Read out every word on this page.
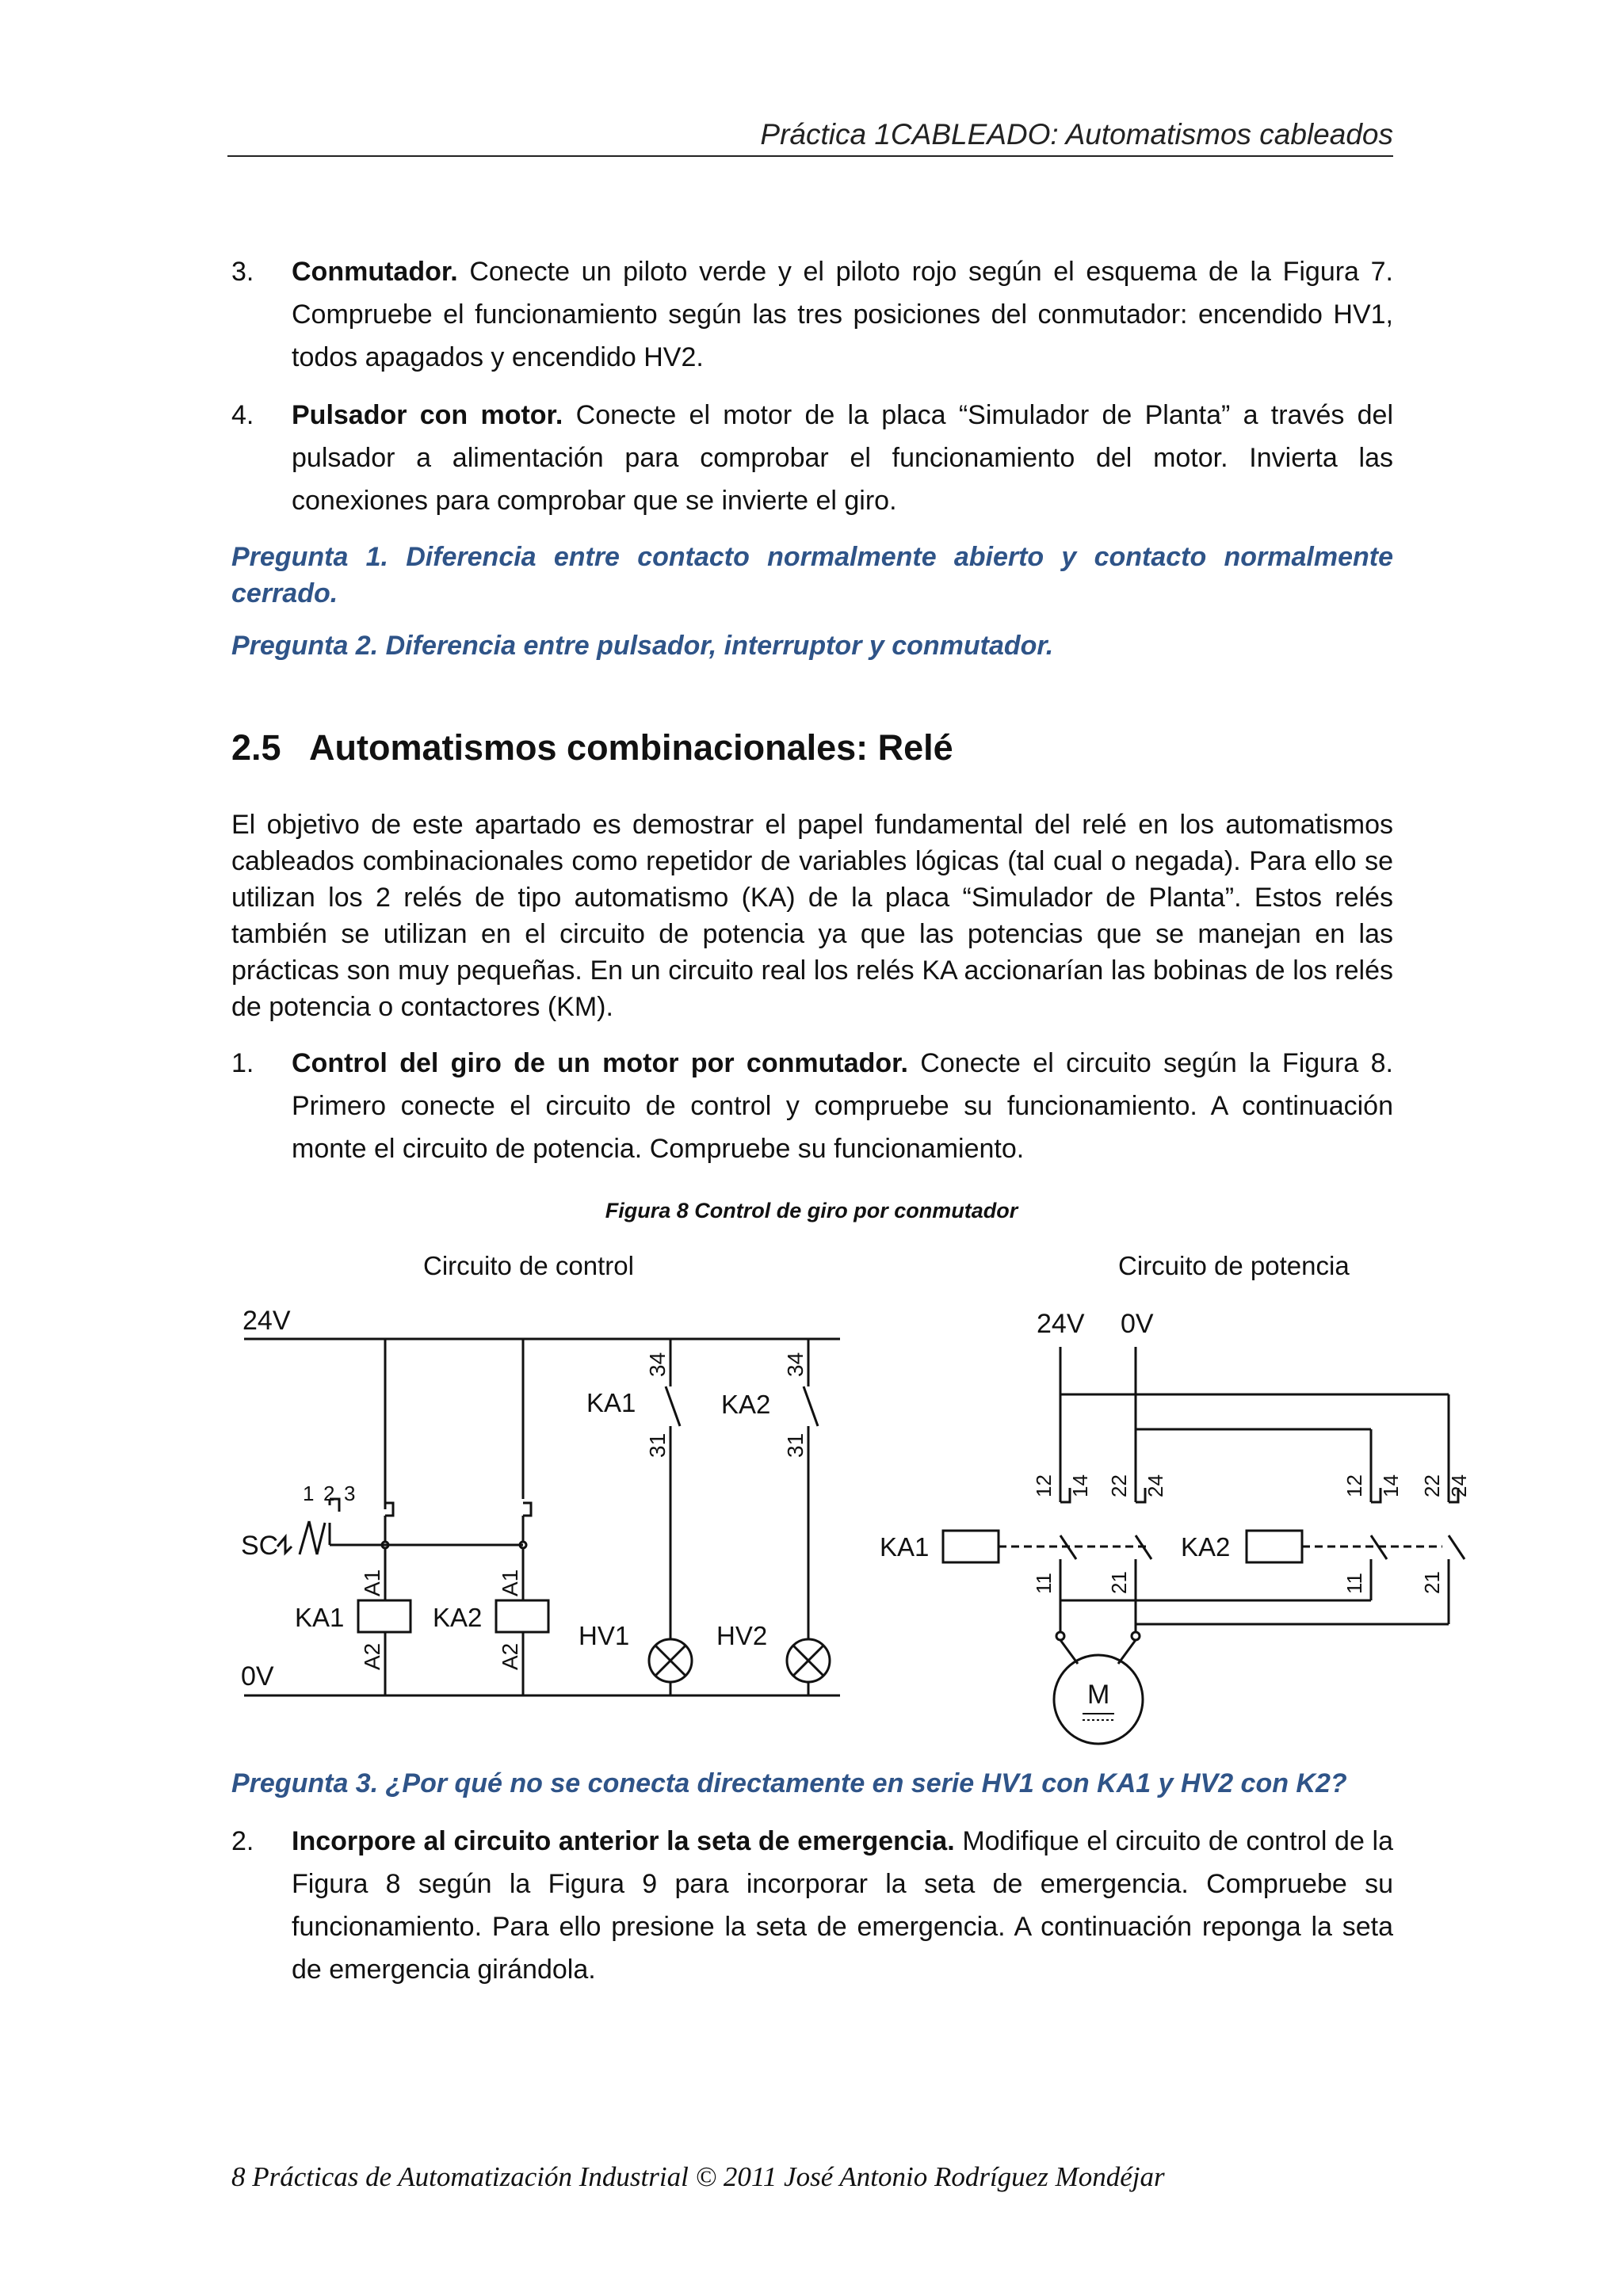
Práctica 1CABLEADO: Automatismos cableados
3.	Conmutador. Conecte un piloto verde y el piloto rojo según el esquema de la Figura 7. Compruebe el funcionamiento según las tres posiciones del conmutador: encendido HV1, todos apagados y encendido HV2.
4.	Pulsador con motor. Conecte el motor de la placa “Simulador de Planta” a través del pulsador a alimentación para comprobar el funcionamiento del motor. Invierta las conexiones para comprobar que se invierte el giro.
Pregunta 1. Diferencia entre contacto normalmente abierto y contacto normalmente cerrado.
Pregunta 2. Diferencia entre pulsador, interruptor y conmutador.
2.5 Automatismos combinacionales: Relé
El objetivo de este apartado es demostrar el papel fundamental del relé en los automatismos cableados combinacionales como repetidor de variables lógicas (tal cual o negada). Para ello se utilizan los 2 relés de tipo automatismo (KA) de la placa “Simulador de Planta”. Estos relés también se utilizan en el circuito de potencia ya que las potencias que se manejan en las prácticas son muy pequeñas. En un circuito real los relés KA accionarían las bobinas de los relés de potencia o contactores (KM).
1.	Control del giro de un motor por conmutador. Conecte el circuito según la Figura 8. Primero conecte el circuito de control y compruebe su funcionamiento. A continuación monte el circuito de potencia. Compruebe su funcionamiento.
Figura 8 Control de giro por conmutador
Circuito de control	Circuito de potencia
24V
0V
KA1
A1
A2
KA2
A1
A2
SC
1 2 3
KA1
34
31
HV1
KA2
34
31
HV2
24V 0V
KA1
12 14 22 24
11	21
KA2
12 14 22 24
11	21
M
Pregunta 3. ¿Por qué no se conecta directamente en serie HV1 con KA1 y HV2 con K2?
2.	Incorpore al circuito anterior la seta de emergencia. Modifique el circuito de control de la Figura 8 según la Figura 9 para incorporar la seta de emergencia. Compruebe su funcionamiento. Para ello presione la seta de emergencia. A continuación reponga la seta de emergencia girándola.
8 Prácticas de Automatización Industrial © 2011 José Antonio Rodríguez Mondéjar
